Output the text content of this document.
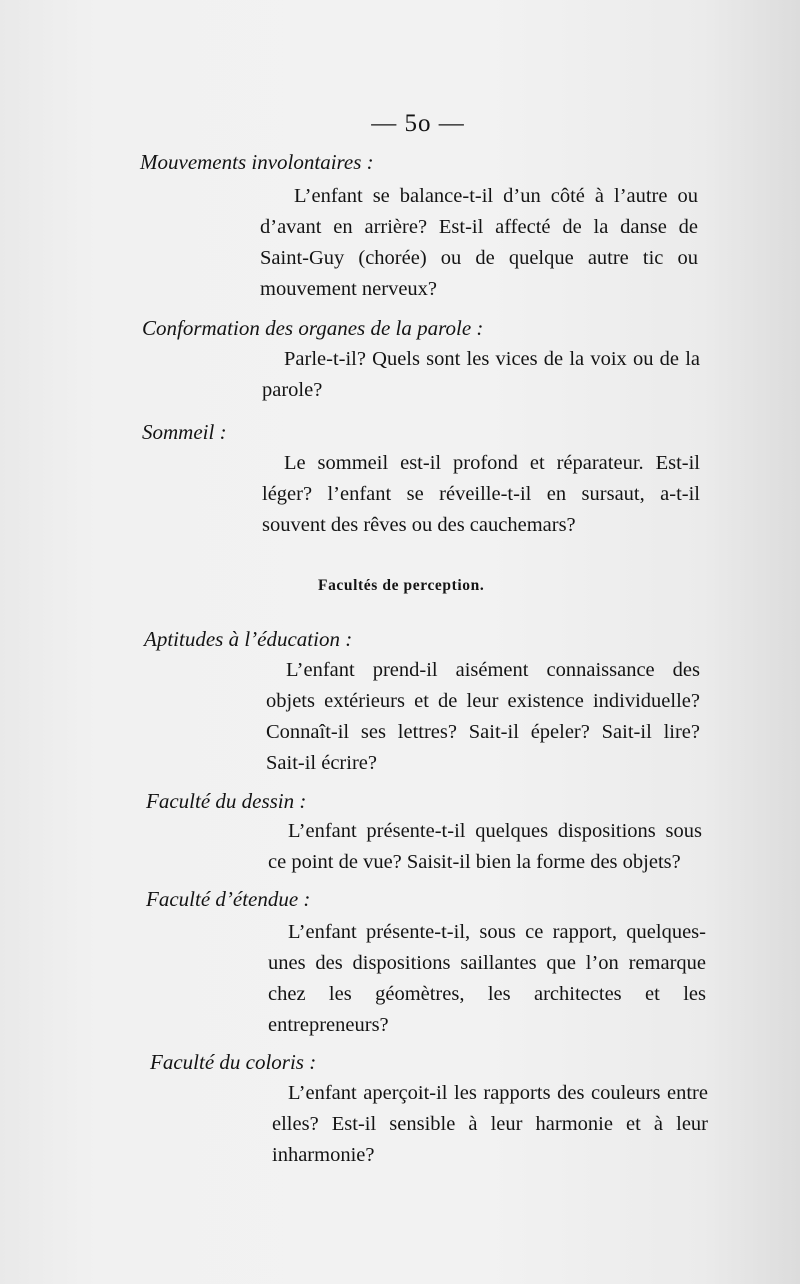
— 5o —
Mouvements involontaires :

L’enfant se balance-t-il d’un côté à l’autre ou d’avant en arrière? Est-il affecté de la danse de Saint-Guy (chorée) ou de quelque autre tic ou mouvement nerveux?

Conformation des organes de la parole :

Parle-t-il? Quels sont les vices de la voix ou de la parole?

Sommeil :

Le sommeil est-il profond et réparateur. Est-il léger? l’enfant se réveille-t-il en sursaut, a-t-il souvent des rêves ou des cauchemars?

Facultés de perception.
Aptitudes à l’éducation :

L’enfant prend-il aisément connaissance des objets extérieurs et de leur existence individuelle? Connaît-il ses lettres? Sait-il épeler? Sait-il lire? Sait-il écrire?

Faculté du dessin :

L’enfant présente-t-il quelques dispositions sous ce point de vue? Saisit-il bien la forme des objets?

Faculté d’étendue :

L’enfant présente-t-il, sous ce rapport, quelques-unes des dispositions saillantes que l’on remarque chez les géomètres, les architectes et les entrepreneurs?

Faculté du coloris :

L’enfant aperçoit-il les rapports des couleurs entre elles? Est-il sensible à leur harmonie et à leur inharmonie?
